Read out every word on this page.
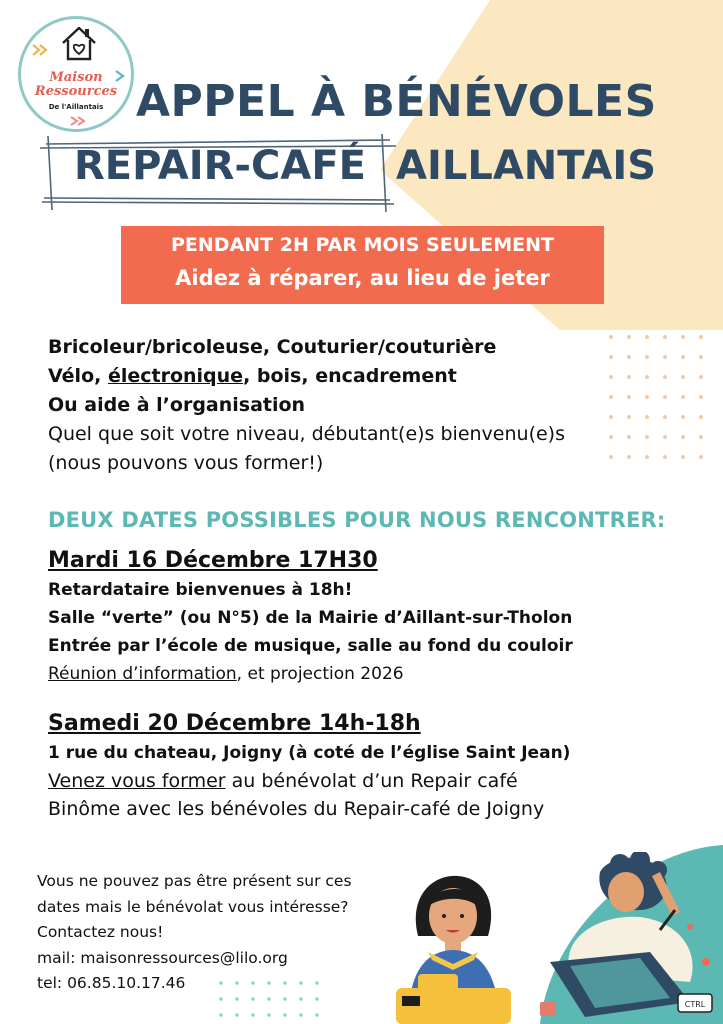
Maison
Ressources
De l'Aillantais APPEL À BÉNÉVOLES
REPAIR-CAFÉ AILLANTAIS
PENDANT 2H PAR MOIS SEULEMENT
Aidez à réparer, au lieu de jeter
Bricoleur/bricoleuse, Couturier/couturière
Vélo, électronique, bois, encadrement
Ou aide à l’organisation
Quel que soit votre niveau, débutant(e)s bienvenu(e)s
(nous pouvons vous former!)
DEUX DATES POSSIBLES POUR NOUS RENCONTRER:
Mardi 16 Décembre 17H30
Retardataire bienvenues à 18h!
Salle “verte” (ou N°5) de la Mairie d’Aillant-sur-Tholon
Entrée par l’école de musique, salle au fond du couloir
Réunion d’information, et projection 2026
Samedi 20 Décembre 14h-18h
1 rue du chateau, Joigny (à coté de l’église Saint Jean)
Venez vous former au bénévolat d’un Repair café
Binôme avec les bénévoles du Repair-café de Joigny
Vous ne pouvez pas être présent sur ces
dates mais le bénévolat vous intéresse?
Contactez nous!
mail: maisonressources@lilo.org
tel: 06.85.10.17.46
CTRL
